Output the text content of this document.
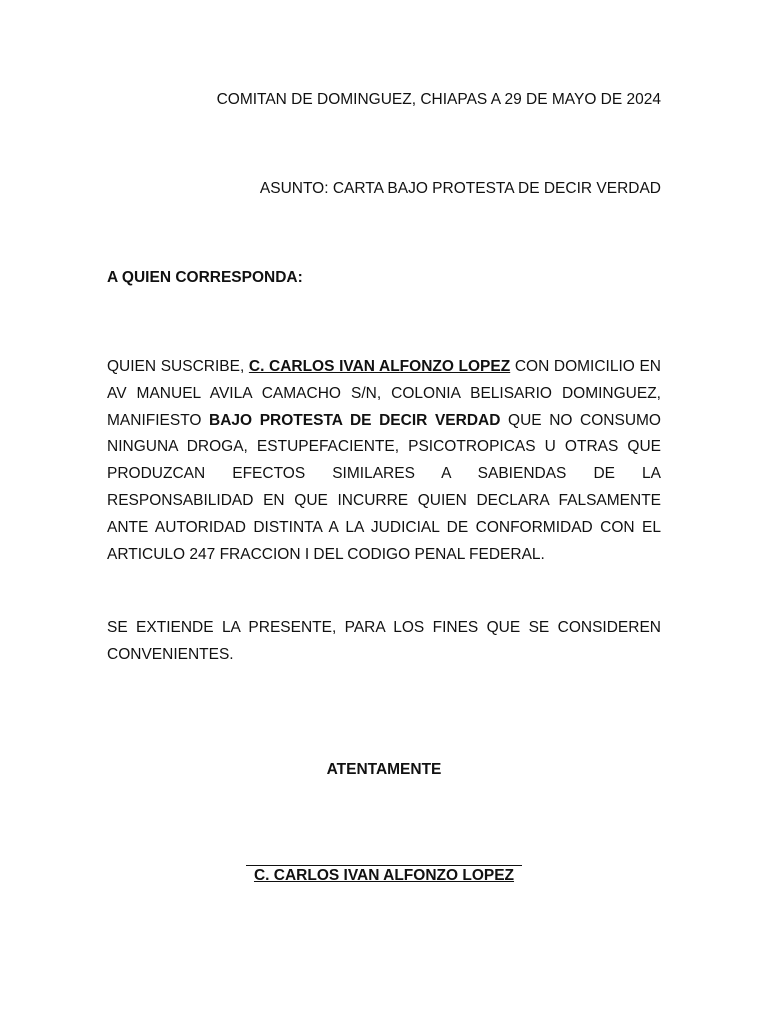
COMITAN DE DOMINGUEZ, CHIAPAS A 29 DE MAYO DE 2024
ASUNTO: CARTA BAJO PROTESTA DE DECIR VERDAD
A QUIEN CORRESPONDA:

QUIEN SUSCRIBE, C. CARLOS IVAN ALFONZO LOPEZ CON DOMICILIO EN AV MANUEL AVILA CAMACHO S/N, COLONIA BELISARIO DOMINGUEZ, MANIFIESTO BAJO PROTESTA DE DECIR VERDAD QUE NO CONSUMO NINGUNA DROGA, ESTUPEFACIENTE, PSICOTROPICAS U OTRAS QUE PRODUZCAN EFECTOS SIMILARES A SABIENDAS DE LA RESPONSABILIDAD EN QUE INCURRE QUIEN DECLARA FALSAMENTE ANTE AUTORIDAD DISTINTA A LA JUDICIAL DE CONFORMIDAD CON EL ARTICULO 247 FRACCION I DEL CODIGO PENAL FEDERAL.

SE EXTIENDE LA PRESENTE, PARA LOS FINES QUE SE CONSIDEREN CONVENIENTES.

ATENTAMENTE
C. CARLOS IVAN ALFONZO LOPEZ
